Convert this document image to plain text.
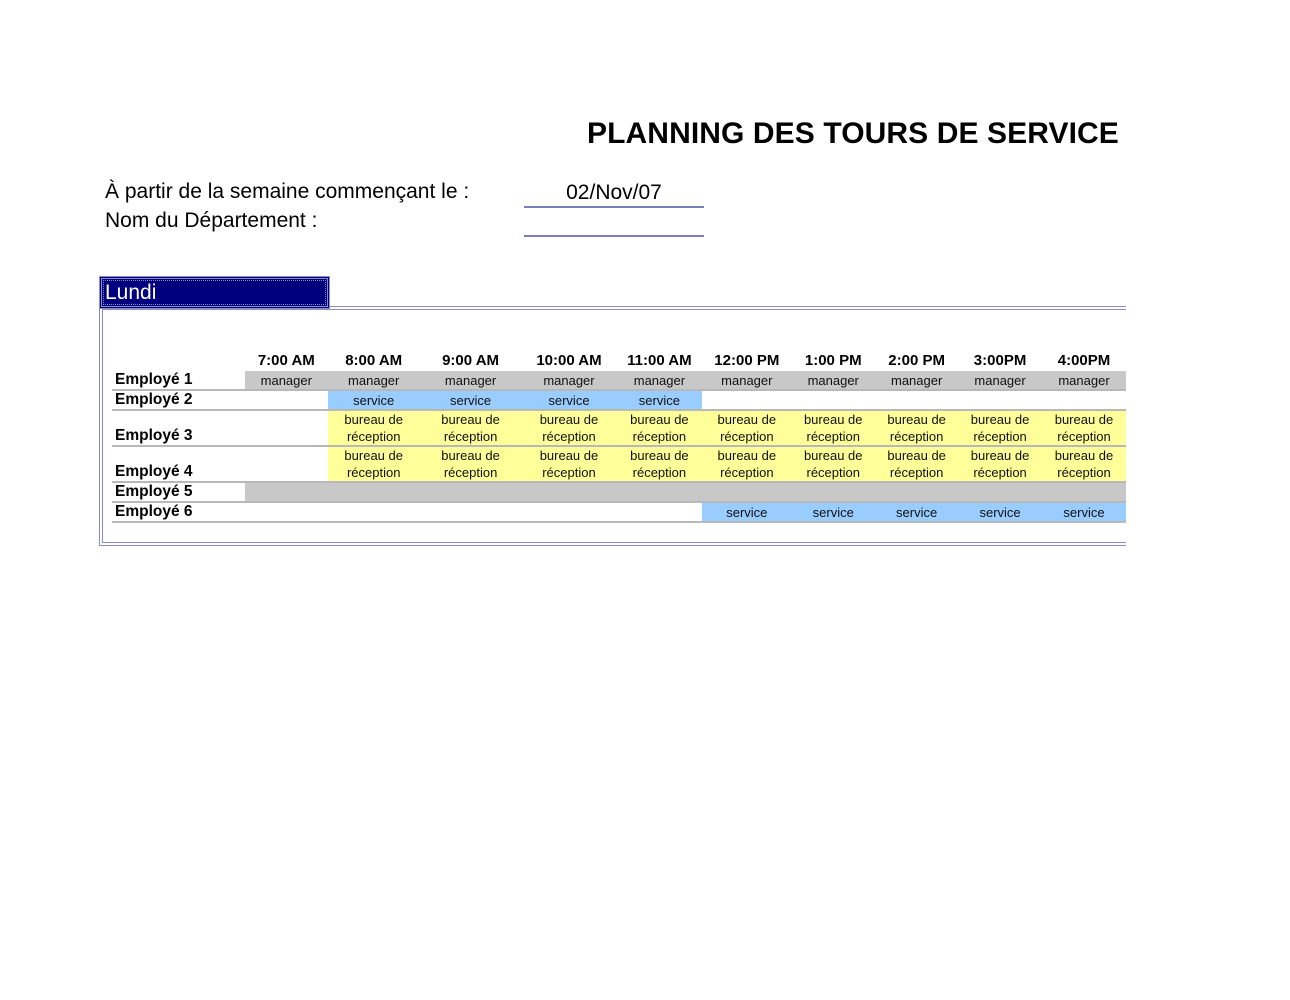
PLANNING DES TOURS DE SERVICE
À partir de la semaine commençant le :	02/Nov/07
Nom du Département :
Lundi
	7:00 AM	8:00 AM	9:00 AM	10:00 AM	11:00 AM	12:00 PM	1:00 PM	2:00 PM	3:00PM	4:00PM
Employé 1	manager	manager	manager	manager	manager	manager	manager	manager	manager	manager
Employé 2		service	service	service	service					
Employé 3		bureau de réception	bureau de réception	bureau de réception	bureau de réception	bureau de réception	bureau de réception	bureau de réception	bureau de réception	bureau de réception

Employé 4		bureau de réception	bureau de réception	bureau de réception	bureau de réception	bureau de réception	bureau de réception	bureau de réception	bureau de réception	bureau de réception

Employé 5										
Employé 6						service	service	service	service	service
